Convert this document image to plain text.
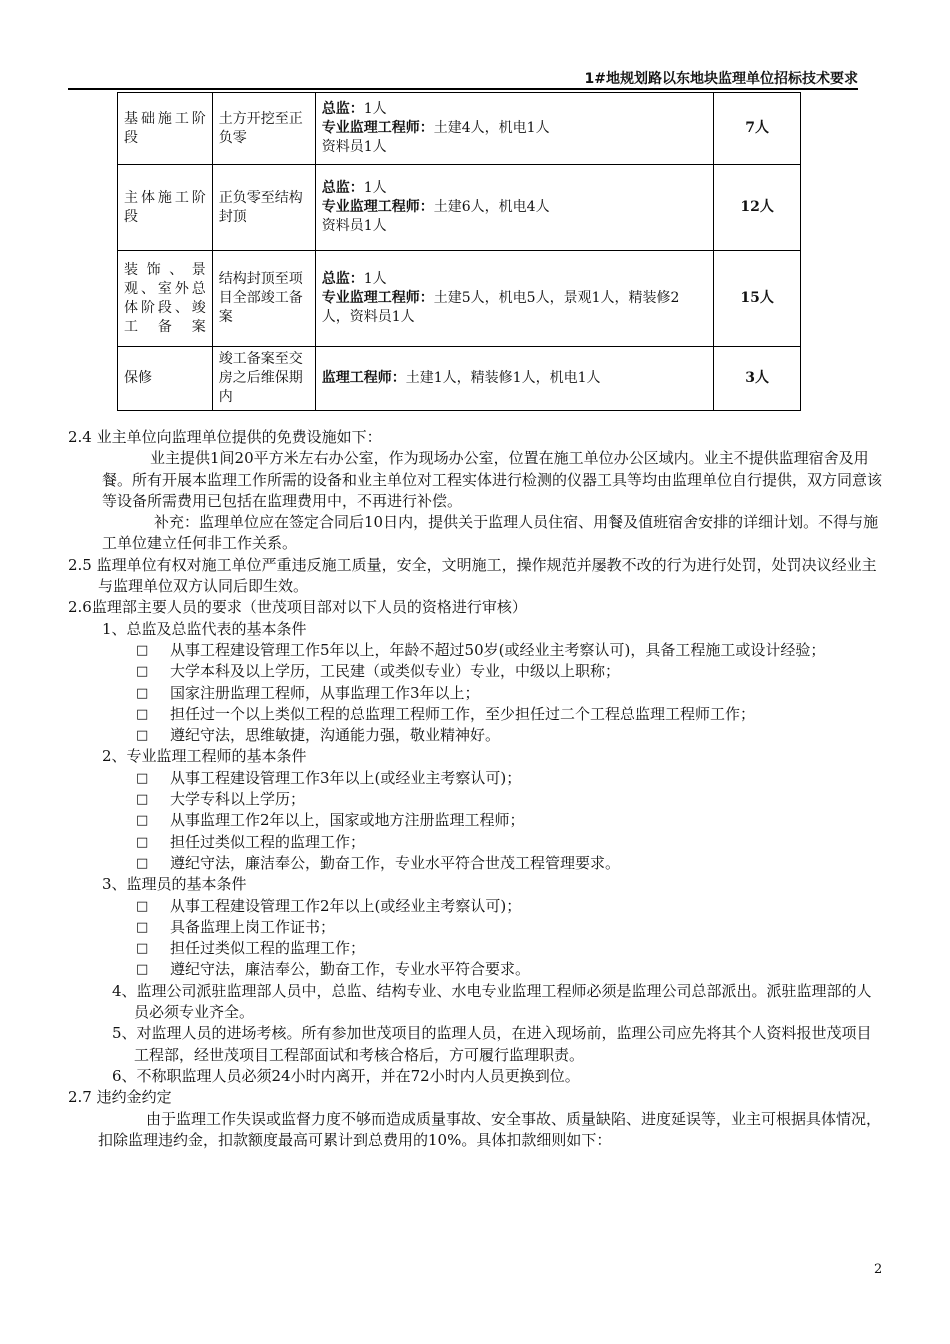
1#地规划路以东地块监理单位招标技术要求
基础施工阶段	土方开挖至正负零	总监：1人
专业监理工程师：土建4人，机电1人
资料员1人	7人
主体施工阶段	正负零至结构封顶	总监：1人
专业监理工程师：土建6人，机电4人
资料员1人	12人
装饰、景观、室外总体阶段、竣工备案	结构封顶至项目全部竣工备案	总监：1人
专业监理工程师：土建5人，机电5人，景观1人，精装修2人，资料员1人	15人
保修	竣工备案至交房之后维保期内	监理工程师：土建1人，精装修1人，机电1人	3人

2.4 业主单位向监理单位提供的免费设施如下：

业主提供1间20平方米左右办公室，作为现场办公室，位置在施工单位办公区域内。业主不提供监理宿舍及用餐。所有开展本监理工作所需的设备和业主单位对工程实体进行检测的仪器工具等均由监理单位自行提供，双方同意该等设备所需费用已包括在监理费用中，不再进行补偿。

补充：监理单位应在签定合同后10日内，提供关于监理人员住宿、用餐及值班宿舍安排的详细计划。不得与施工单位建立任何非工作关系。

2.5 监理单位有权对施工单位严重违反施工质量，安全，文明施工，操作规范并屡教不改的行为进行处罚，处罚决议经业主与监理单位双方认同后即生效。

2.6监理部主要人员的要求（世茂项目部对以下人员的资格进行审核）

1、总监及总监代表的基本条件

□ 从事工程建设管理工作5年以上，年龄不超过50岁(或经业主考察认可)，具备工程施工或设计经验；

□ 大学本科及以上学历，工民建（或类似专业）专业，中级以上职称；

□ 国家注册监理工程师，从事监理工作3年以上；

□ 担任过一个以上类似工程的总监理工程师工作，至少担任过二个工程总监理工程师工作；

□ 遵纪守法，思维敏捷，沟通能力强，敬业精神好。

2、专业监理工程师的基本条件

□ 从事工程建设管理工作3年以上(或经业主考察认可)；

□ 大学专科以上学历；

□ 从事监理工作2年以上，国家或地方注册监理工程师；

□ 担任过类似工程的监理工作；

□ 遵纪守法，廉洁奉公，勤奋工作，专业水平符合世茂工程管理要求。

3、监理员的基本条件

□ 从事工程建设管理工作2年以上(或经业主考察认可)；

□ 具备监理上岗工作证书；

□ 担任过类似工程的监理工作；

□ 遵纪守法，廉洁奉公，勤奋工作，专业水平符合要求。

4、监理公司派驻监理部人员中，总监、结构专业、水电专业监理工程师必须是监理公司总部派出。派驻监理部的人员必须专业齐全。

5、对监理人员的进场考核。所有参加世茂项目的监理人员，在进入现场前，监理公司应先将其个人资料报世茂项目工程部，经世茂项目工程部面试和考核合格后，方可履行监理职责。

6、不称职监理人员必须24小时内离开，并在72小时内人员更换到位。

2.7 违约金约定

由于监理工作失误或监督力度不够而造成质量事故、安全事故、质量缺陷、进度延误等，业主可根据具体情况，扣除监理违约金，扣款额度最高可累计到总费用的10%。具体扣款细则如下：

2
